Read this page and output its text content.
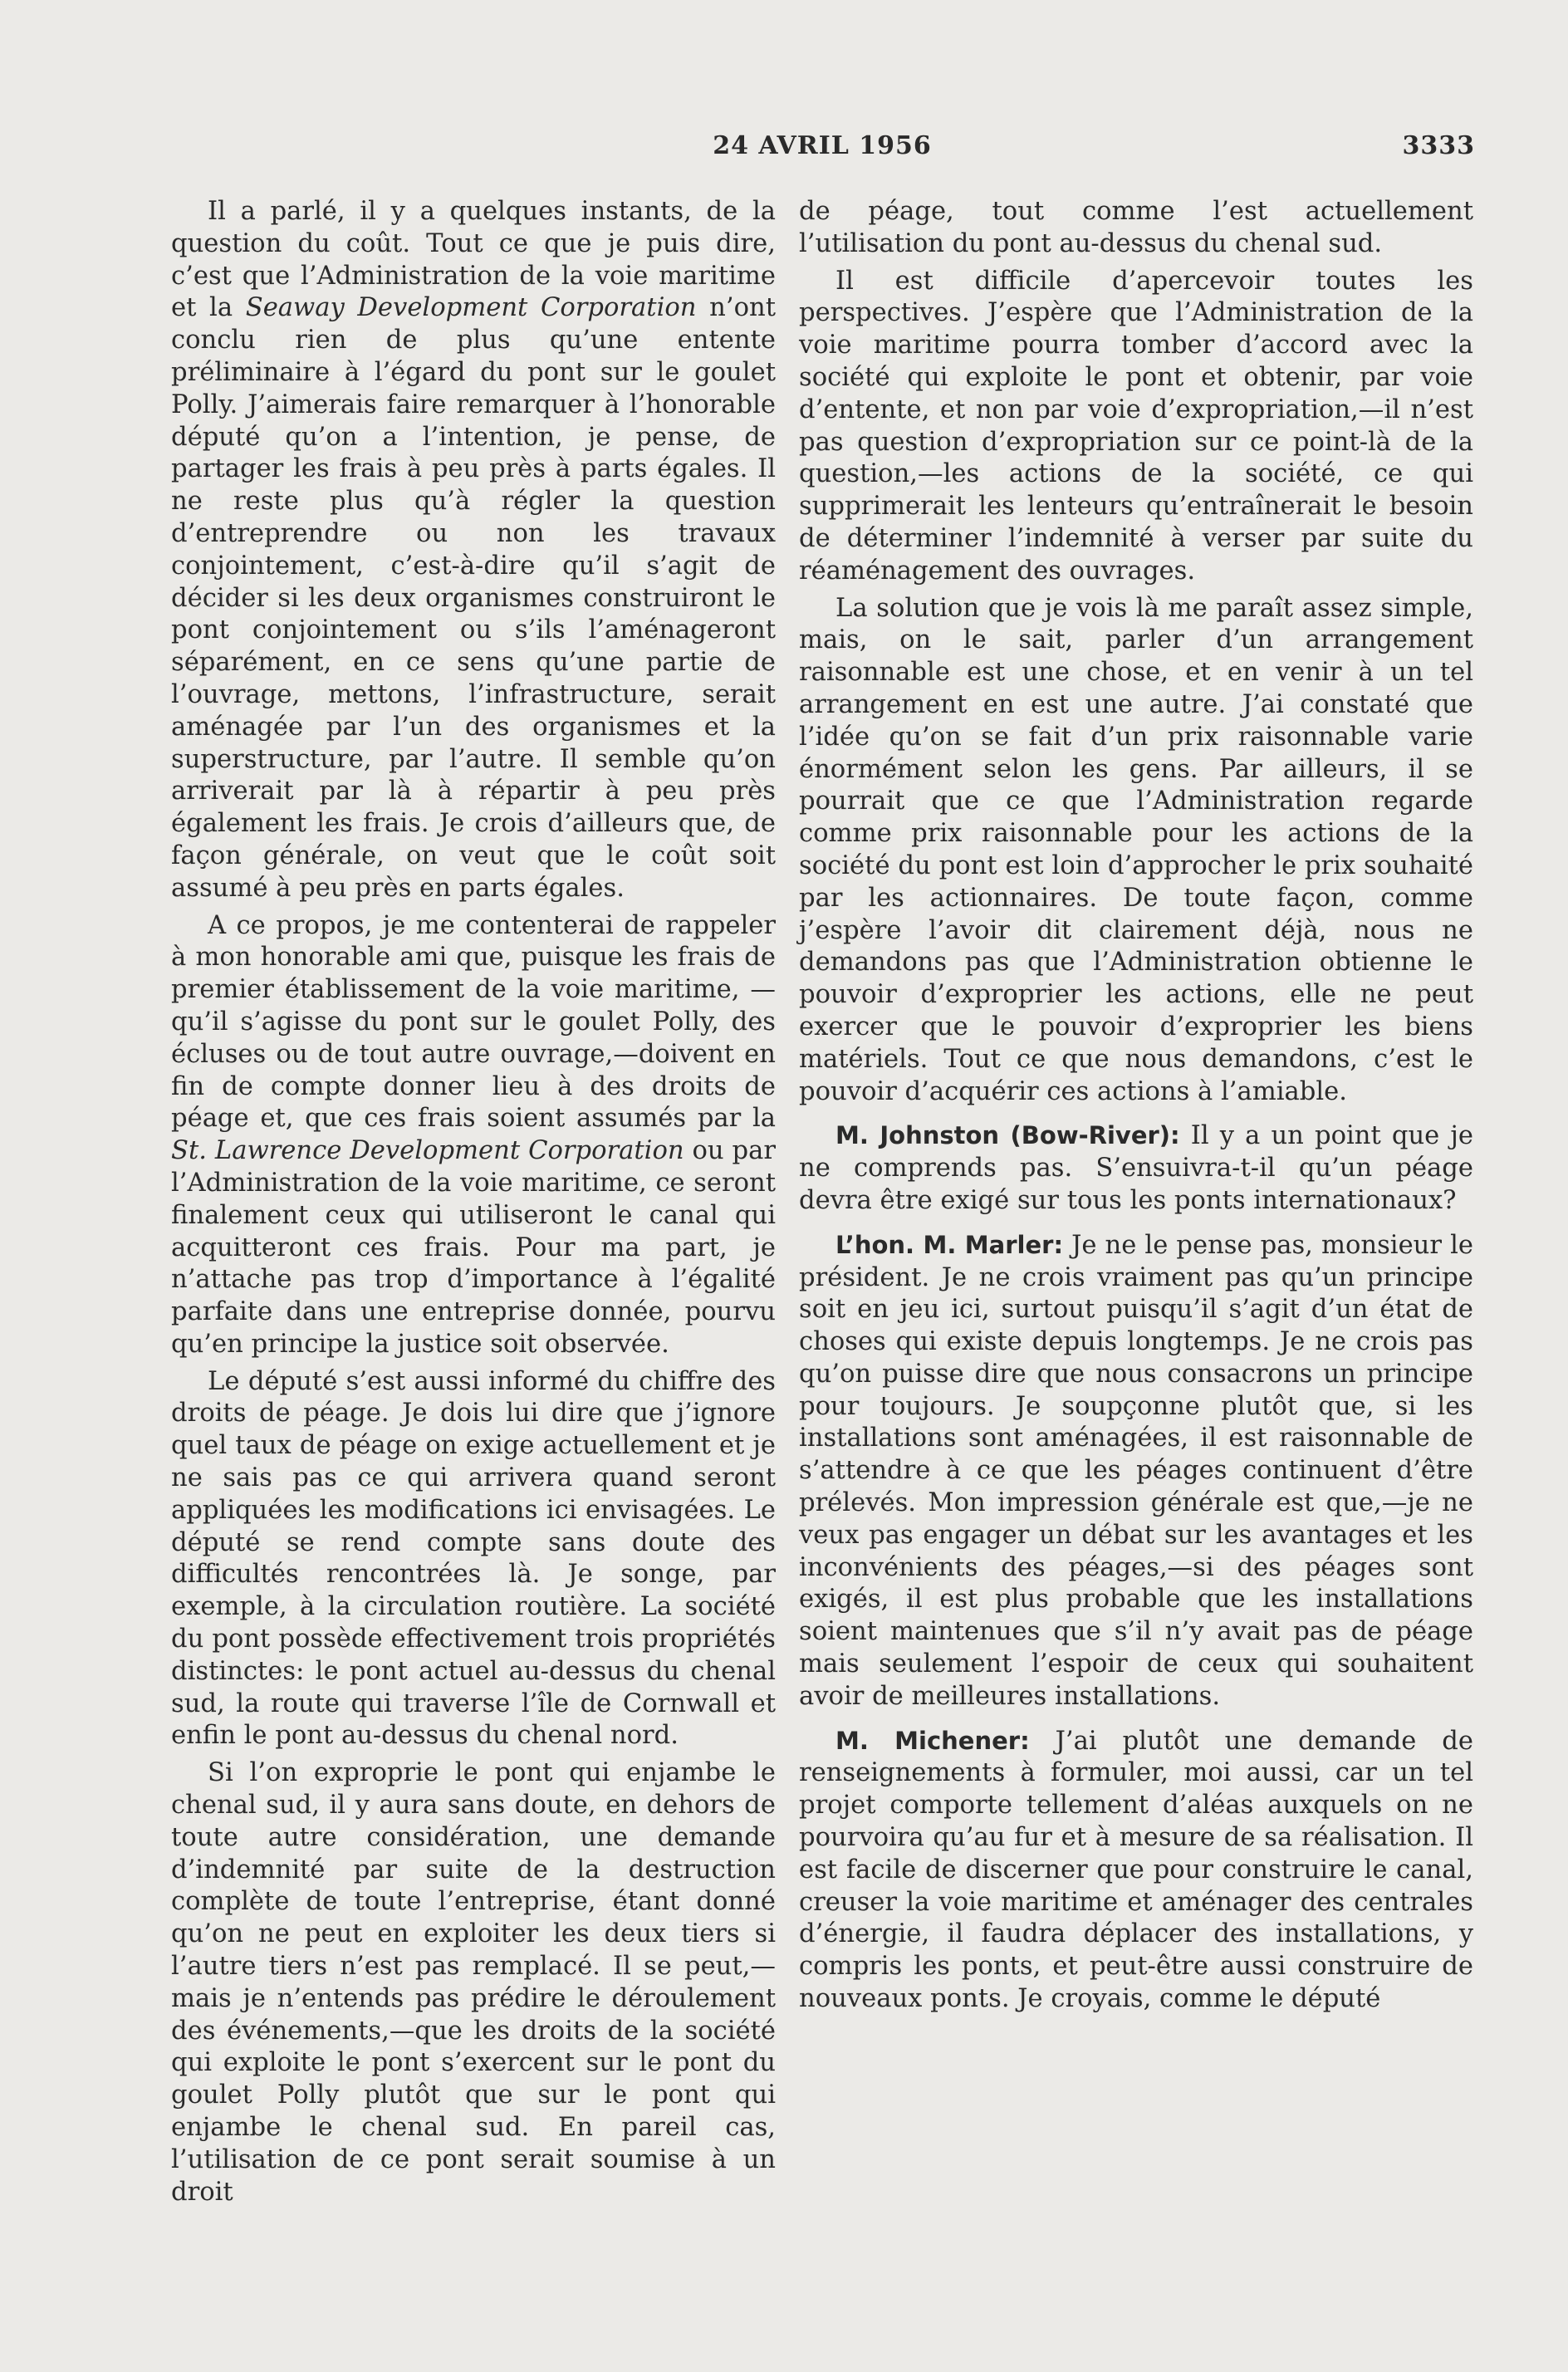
24 AVRIL 1956	3333

Il a parlé, il y a quelques instants, de la question du coût. Tout ce que je puis dire, c’est que l’Administration de la voie maritime et la Seaway Development Corporation n’ont conclu rien de plus qu’une entente préliminaire à l’égard du pont sur le goulet Polly. J’aimerais faire remarquer à l’honorable député qu’on a l’intention, je pense, de partager les frais à peu près à parts égales. Il ne reste plus qu’à régler la question d’entreprendre ou non les travaux conjointement, c’est-à-dire qu’il s’agit de décider si les deux organismes construiront le pont conjointement ou s’ils l’aménageront séparément, en ce sens qu’une partie de l’ouvrage, mettons, l’infrastructure, serait aménagée par l’un des organismes et la superstructure, par l’autre. Il semble qu’on arriverait par là à répartir à peu près également les frais. Je crois d’ailleurs que, de façon générale, on veut que le coût soit assumé à peu près en parts égales.

A ce propos, je me contenterai de rappeler à mon honorable ami que, puisque les frais de premier établissement de la voie maritime, —qu’il s’agisse du pont sur le goulet Polly, des écluses ou de tout autre ouvrage,—doivent en fin de compte donner lieu à des droits de péage et, que ces frais soient assumés par la St. Lawrence Development Corporation ou par l’Administration de la voie maritime, ce seront finalement ceux qui utiliseront le canal qui acquitteront ces frais. Pour ma part, je n’attache pas trop d’importance à l’égalité parfaite dans une entreprise donnée, pourvu qu’en principe la justice soit observée.

Le député s’est aussi informé du chiffre des droits de péage. Je dois lui dire que j’ignore quel taux de péage on exige actuellement et je ne sais pas ce qui arrivera quand seront appliquées les modifications ici envisagées. Le député se rend compte sans doute des difficultés rencontrées là. Je songe, par exemple, à la circulation routière. La société du pont possède effectivement trois propriétés distinctes: le pont actuel au-dessus du chenal sud, la route qui traverse l’île de Cornwall et enfin le pont au-dessus du chenal nord.

Si l’on exproprie le pont qui enjambe le chenal sud, il y aura sans doute, en dehors de toute autre considération, une demande d’indemnité par suite de la destruction complète de toute l’entreprise, étant donné qu’on ne peut en exploiter les deux tiers si l’autre tiers n’est pas remplacé. Il se peut,—mais je n’entends pas prédire le déroulement des événements,—que les droits de la société qui exploite le pont s’exercent sur le pont du goulet Polly plutôt que sur le pont qui enjambe le chenal sud. En pareil cas, l’utilisation de ce pont serait soumise à un droit

de péage, tout comme l’est actuellement l’utilisation du pont au-dessus du chenal sud.

Il est difficile d’apercevoir toutes les perspectives. J’espère que l’Administration de la voie maritime pourra tomber d’accord avec la société qui exploite le pont et obtenir, par voie d’entente, et non par voie d’expropriation,—il n’est pas question d’expropriation sur ce point-là de la question,—les actions de la société, ce qui supprimerait les lenteurs qu’entraînerait le besoin de déterminer l’indemnité à verser par suite du réaménagement des ouvrages.

La solution que je vois là me paraît assez simple, mais, on le sait, parler d’un arrangement raisonnable est une chose, et en venir à un tel arrangement en est une autre. J’ai constaté que l’idée qu’on se fait d’un prix raisonnable varie énormément selon les gens. Par ailleurs, il se pourrait que ce que l’Administration regarde comme prix raisonnable pour les actions de la société du pont est loin d’approcher le prix souhaité par les actionnaires. De toute façon, comme j’espère l’avoir dit clairement déjà, nous ne demandons pas que l’Administration obtienne le pouvoir d’exproprier les actions, elle ne peut exercer que le pouvoir d’exproprier les biens matériels. Tout ce que nous demandons, c’est le pouvoir d’acquérir ces actions à l’amiable.

M. Johnston (Bow-River): Il y a un point que je ne comprends pas. S’ensuivra-t-il qu’un péage devra être exigé sur tous les ponts internationaux?

L’hon. M. Marler: Je ne le pense pas, monsieur le président. Je ne crois vraiment pas qu’un principe soit en jeu ici, surtout puisqu’il s’agit d’un état de choses qui existe depuis longtemps. Je ne crois pas qu’on puisse dire que nous consacrons un principe pour toujours. Je soupçonne plutôt que, si les installations sont aménagées, il est raisonnable de s’attendre à ce que les péages continuent d’être prélevés. Mon impression générale est que,—je ne veux pas engager un débat sur les avantages et les inconvénients des péages,—si des péages sont exigés, il est plus probable que les installations soient maintenues que s’il n’y avait pas de péage mais seulement l’espoir de ceux qui souhaitent avoir de meilleures installations.

M. Michener: J’ai plutôt une demande de renseignements à formuler, moi aussi, car un tel projet comporte tellement d’aléas auxquels on ne pourvoira qu’au fur et à mesure de sa réalisation. Il est facile de discerner que pour construire le canal, creuser la voie maritime et aménager des centrales d’énergie, il faudra déplacer des installations, y compris les ponts, et peut-être aussi construire de nouveaux ponts. Je croyais, comme le député
